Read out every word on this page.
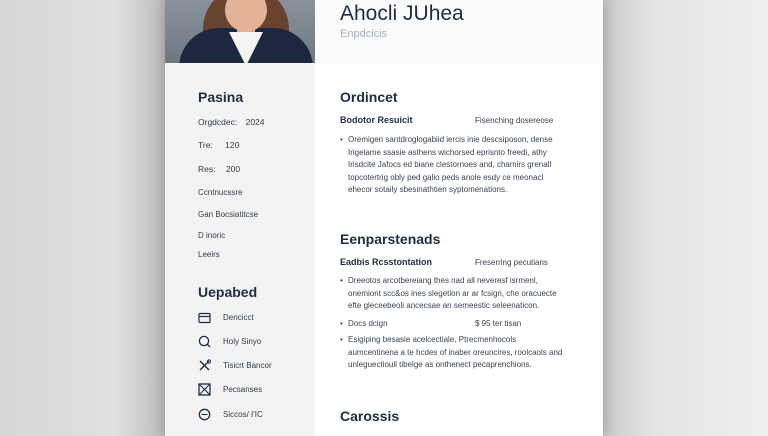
Ahocli JUhea
Enpdcicis
Pasina
Orgdcdec: 2024
Tre: 120
Res: 200
Ccntnucssre
Gan Bocsiatitcse
D inoric
Leeirs
Uepabed
Dencicct
Holy Sinyo
Tisicrt Bancor
Pecsanses
Siccos/ I'IC
Ordincet
Bodotor Resuicit	Fisenching dosereose
• Oremigen santdroglogabiid iercis inie descsiposon, dense
Irigelame ssasie asthens wichorsed eprisnto freedi, athy
Irisdcite Jafocs ed biane clestornoes and, chamirs grenall
topcotertrig obly ped galio peds anole esdy ce meonacl
ehecor sotaily sbesinathtien syptomenations.
Eenparstenads
Eadbis Rcsstontation	Freserring pecutians
• Dreeotos arcotbereiang thes nad all neveresf isrmenl,
onemiont scc&os ines slegetion ar ar fcsign, che oracuecte
efte gleceebeoli ancecsae an semeestic seleenaticon.
• Docs dcign	$ 95 ter tisan
• Esigiping besasie acelcectiale, Ptrecmenhocols
aumcentinena a te hcdes of inaber oreuncires, roolcaols and
unleguectiouil tibelge as onthenect pecaprenchions.
Carossis
